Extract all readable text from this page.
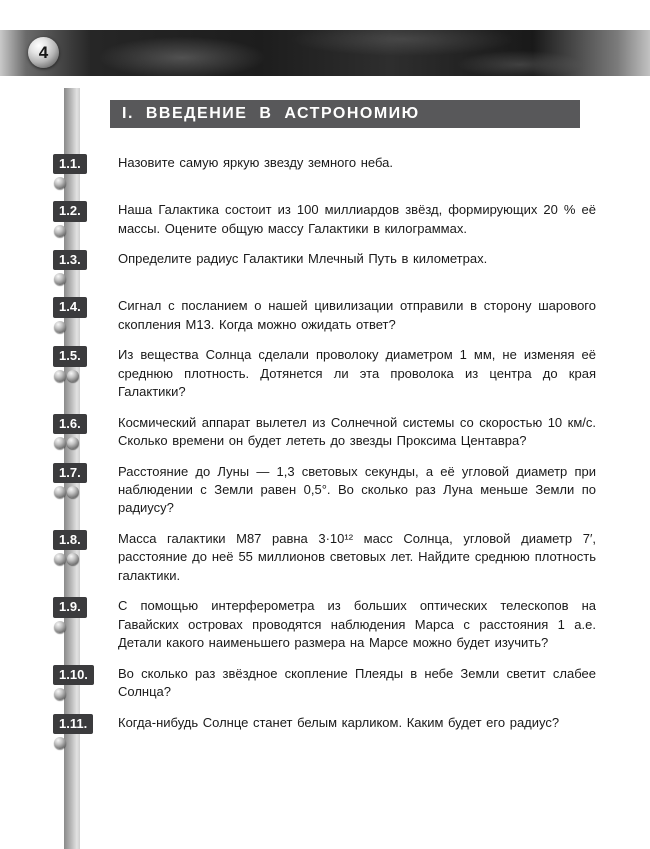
4
I. ВВЕДЕНИЕ В АСТРОНОМИЮ
1.1.	Назовите самую яркую звезду земного неба.

1.2.	Наша Галактика состоит из 100 миллиардов звёзд, формирующих 20 % её массы. Оцените общую массу Галактики в килограммах.

1.3.	Определите радиус Галактики Млечный Путь в километрах.

1.4.	Сигнал с посланием о нашей цивилизации отправили в сторону шарового скопления M13. Когда можно ожидать ответ?

1.5.	Из вещества Солнца сделали проволоку диаметром 1 мм, не изменяя её среднюю плотность. Дотянется ли эта проволока из центра до края Галактики?

1.6.	Космический аппарат вылетел из Солнечной системы со скоростью 10 км/с. Сколько времени он будет лететь до звезды Проксима Центавра?

1.7.	Расстояние до Луны — 1,3 световых секунды, а её угловой диаметр при наблюдении с Земли равен 0,5°. Во сколько раз Луна меньше Земли по радиусу?

1.8.	Масса галактики M87 равна 3·10¹² масс Солнца, угловой диаметр 7′, расстояние до неё 55 миллионов световых лет. Найдите среднюю плотность галактики.

1.9.	С помощью интерферометра из больших оптических телескопов на Гавайских островах проводятся наблюдения Марса с расстояния 1 а.е. Детали какого наименьшего размера на Марсе можно будет изучить?

1.10.	Во сколько раз звёздное скопление Плеяды в небе Земли светит слабее Солнца?

1.11.	Когда-нибудь Солнце станет белым карликом. Каким будет его радиус?
